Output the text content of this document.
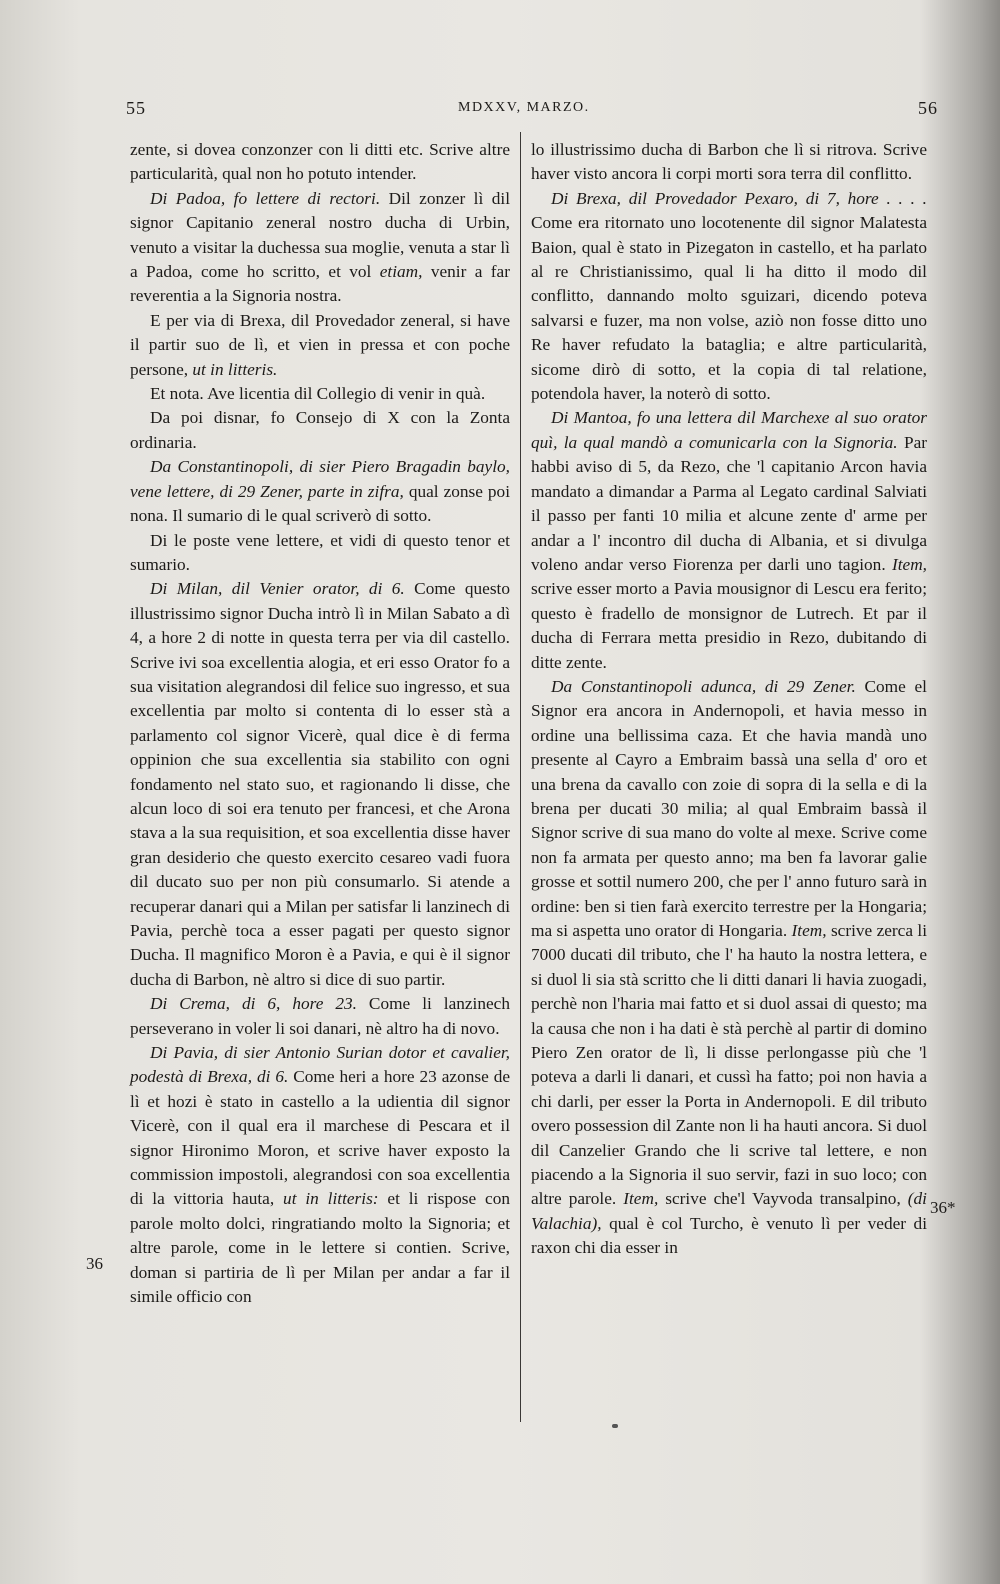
55	MDXXV, MARZO.	56

zente, si dovea conzonzer con li ditti etc. Scrive altre particularità, qual non ho potuto intender.

Di Padoa, fo lettere di rectori. Dil zonzer lì dil signor Capitanio zeneral nostro ducha di Urbin, venuto a visitar la duchessa sua moglie, venuta a star lì a Padoa, come ho scritto, et vol etiam, venir a far reverentia a la Signoria nostra.

E per via di Brexa, dil Provedador zeneral, si have il partir suo de lì, et vien in pressa et con poche persone, ut in litteris.

Et nota. Ave licentia dil Collegio di venir in quà.

Da poi disnar, fo Consejo di X con la Zonta ordinaria.

Da Constantinopoli, di sier Piero Bragadin baylo, vene lettere, di 29 Zener, parte in zifra, qual zonse poi nona. Il sumario di le qual scriverò di sotto.

Di le poste vene lettere, et vidi di questo tenor et sumario.

Di Milan, dil Venier orator, di 6. Come questo illustrissimo signor Ducha intrò lì in Milan Sabato a dì 4, a hore 2 di notte in questa terra per via dil castello. Scrive ivi soa excellentia alogia, et eri esso Orator fo a sua visitation alegrandosi dil felice suo ingresso, et sua excellentia par molto si contenta di lo esser stà a parlamento col signor Vicerè, qual dice è di ferma oppinion che sua excellentia sia stabilito con ogni fondamento nel stato suo, et ragionando li disse, che alcun loco di soi era tenuto per francesi, et che Arona stava a la sua requisition, et soa excellentia disse haver gran desiderio che questo exercito cesareo vadi fuora dil ducato suo per non più consumarlo. Si atende a recuperar danari qui a Milan per satisfar li lanzinech di Pavia, perchè toca a esser pagati per questo signor Ducha. Il magnifico Moron è a Pavia, e qui è il signor ducha di Barbon, nè altro si dice di suo partir.

Di Crema, di 6, hore 23. Come li lanzinech perseverano in voler li soi danari, nè altro ha di novo.

Di Pavia, di sier Antonio Surian dotor et cavalier, podestà di Brexa, di 6. Come heri a hore 23 azonse de lì et hozi è stato in castello a la udientia dil signor Vicerè, con il qual era il marchese di Pescara et il signor Hironimo Moron, et scrive haver exposto la commission impostoli, alegrandosi con soa excellentia di la vittoria hauta, ut in litteris: et li rispose con parole molto dolci, ringratiando molto la Signoria; et altre parole, come in le lettere si contien. Scrive, doman si partiria de lì per Milan per andar a far il simile officio con

lo illustrissimo ducha di Barbon che lì si ritrova. Scrive haver visto ancora li corpi morti sora terra dil conflitto.

Di Brexa, dil Provedador Pexaro, di 7, hore . . . . Come era ritornato uno locotenente dil signor Malatesta Baion, qual è stato in Pizegaton in castello, et ha parlato al re Christianissimo, qual li ha ditto il modo dil conflitto, dannando molto sguizari, dicendo poteva salvarsi e fuzer, ma non volse, aziò non fosse ditto uno Re haver refudato la bataglia; e altre particularità, sicome dirò di sotto, et la copia di tal relatione, potendola haver, la noterò di sotto.

Di Mantoa, fo una lettera dil Marchexe al suo orator quì, la qual mandò a comunicarla con la Signoria. Par habbi aviso di 5, da Rezo, che 'l capitanio Arcon havia mandato a dimandar a Parma al Legato cardinal Salviati il passo per fanti 10 milia et alcune zente d' arme per andar a l' incontro dil ducha di Albania, et si divulga voleno andar verso Fiorenza per darli uno tagion. Item, scrive esser morto a Pavia mousignor di Lescu era ferito; questo è fradello de monsignor de Lutrech. Et par il ducha di Ferrara metta presidio in Rezo, dubitando di ditte zente.

Da Constantinopoli adunca, di 29 Zener. Come el Signor era ancora in Andernopoli, et havia messo in ordine una bellissima caza. Et che havia mandà uno presente al Cayro a Embraim bassà una sella d' oro et una brena da cavallo con zoie di sopra di la sella e di la brena per ducati 30 milia; al qual Embraim bassà il Signor scrive di sua mano do volte al mexe. Scrive come non fa armata per questo anno; ma ben fa lavorar galie grosse et sottil numero 200, che per l' anno futuro sarà in ordine: ben si tien farà exercito terrestre per la Hongaria; ma si aspetta uno orator di Hongaria. Item, scrive zerca li 7000 ducati dil tributo, che l' ha hauto la nostra lettera, e si duol li sia stà scritto che li ditti danari li havia zuogadi, perchè non l'haria mai fatto et si duol assai di questo; ma la causa che non i ha dati è stà perchè al partir di domino Piero Zen orator de lì, li disse perlongasse più che 'l poteva a darli li danari, et cussì ha fatto; poi non havia a chi darli, per esser la Porta in Andernopoli. E dil tributo overo possession dil Zante non li ha hauti ancora. Si duol dil Canzelier Grando che li scrive tal lettere, e non piacendo a la Signoria il suo servir, fazi in suo loco; con altre parole. Item, scrive che'l Vayvoda transalpino, (di Valachia), qual è col Turcho, è venuto lì per veder di raxon chi dia esser in

36
36*
